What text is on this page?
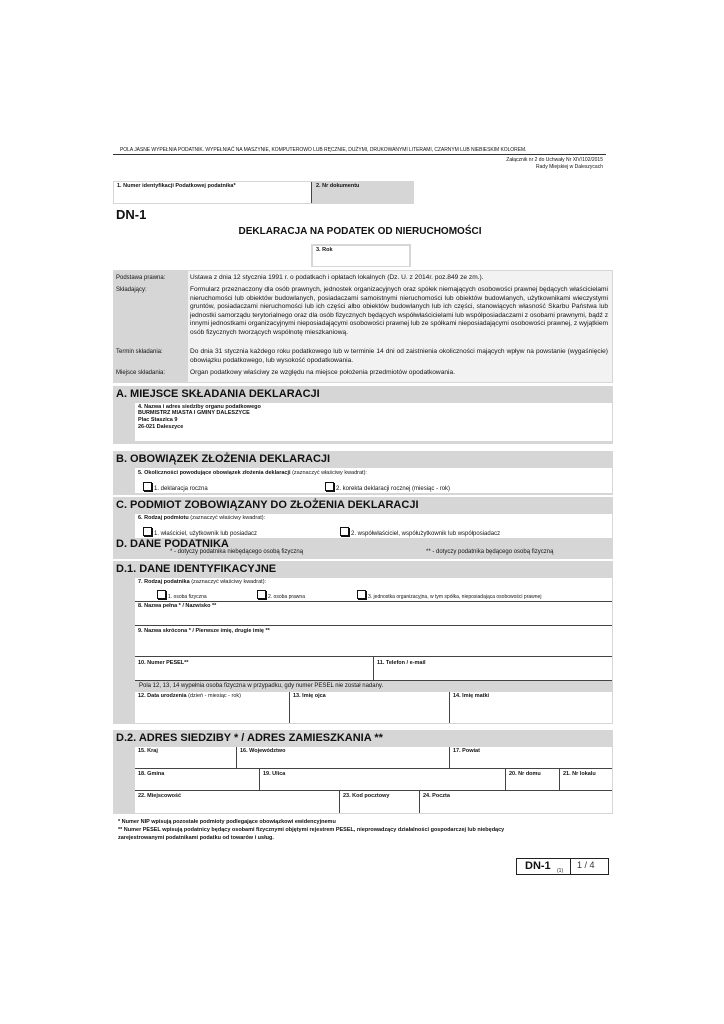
POLA JASNE WYPEŁNIA PODATNIK. WYPEŁNIAĆ NA MASZYNIE, KOMPUTEROWO LUB RĘCZNIE, DUŻYMI, DRUKOWANYMI LITERAMI, CZARNYM LUB NIEBIESKIM KOLOREM.
Załącznik nr 2 do Uchwały Nr XIV/102/2015
Rady Miejskiej w Daleszycach
1. Numer identyfikacji Podatkowej podatnika*	2. Nr dokumentu
DN-1
DEKLARACJA NA PODATEK OD NIERUCHOMOŚCI
3. Rok
Podstawa prawna:	Ustawa z dnia 12 stycznia 1991 r. o podatkach i opłatach lokalnych (Dz. U. z 2014r. poz.849 ze zm.).
Składający:	Formularz przeznaczony dla osób prawnych, jednostek organizacyjnych oraz spółek niemających osobowości prawnej będących właścicielami nieruchomości lub obiektów budowlanych, posiadaczami samoistnymi nieruchomości lub obiektów budowlanych, użytkownikami wieczystymi gruntów, posiadaczami nieruchomości lub ich części albo obiektów budowlanych lub ich części, stanowiących własność Skarbu Państwa lub jednostki samorządu terytorialnego oraz dla osób fizycznych będących współwłaścicielami lub współposiadaczami z osobami prawnymi, bądź z innymi jednostkami organizacyjnymi nieposiadającymi osobowości prawnej lub ze spółkami nieposiadającymi osobowości prawnej, z wyjątkiem osób fizycznych tworzących wspólnotę mieszkaniową.
Termin składania:	Do dnia 31 stycznia każdego roku podatkowego lub w terminie 14 dni od zaistnienia okoliczności mających wpływ na powstanie (wygaśnięcie) obowiązku podatkowego, lub wysokość opodatkowania.
Miejsce składania:	Organ podatkowy właściwy ze względu na miejsce położenia przedmiotów opodatkowania.
A. MIEJSCE SKŁADANIA DEKLARACJI
4. Nazwa i adres siedziby organu podatkowego
BURMISTRZ MIASTA I GMINY DALESZYCE
Plac Staszica 9
26-021 Daleszyce
B. OBOWIĄZEK ZŁOŻENIA DEKLARACJI
5. Okoliczności powodujące obowiązek złożenia deklaracji (zaznaczyć właściwy kwadrat):
1. deklaracja roczna	2. korekta deklaracji rocznej (miesiąc - rok)
C. PODMIOT ZOBOWIĄZANY DO ZŁOŻENIA DEKLARACJI
6. Rodzaj podmiotu (zaznaczyć właściwy kwadrat):
1. właściciel, użytkownik lub posiadacz	2. współwłaściciel, współużytkownik lub współposiadacz
D. DANE PODATNIKA
* - dotyczy podatnika niebędącego osobą fizyczną	** - dotyczy podatnika będącego osobą fizyczną
D.1. DANE IDENTYFIKACYJNE
7. Rodzaj podatnika (zaznaczyć właściwy kwadrat):
1. osoba fizyczna	2. osoba prawna	3. jednostka organizacyjna, w tym spółka, nieposiadająca osobowości prawnej
8. Nazwa pełna * / Nazwisko **
9. Nazwa skrócona * / Pierwsze imię, drugie imię **
10. Numer PESEL**	11. Telefon / e-mail
Pola 12, 13, 14 wypełnia osoba fizyczna w przypadku, gdy numer PESEL nie został nadany.
12. Data urodzenia (dzień - miesiąc - rok)	13. Imię ojca	14. Imię matki
D.2. ADRES SIEDZIBY * / ADRES ZAMIESZKANIA **
15. Kraj	16. Województwo	17. Powiat
18. Gmina	19. Ulica	20. Nr domu	21. Nr lokalu
22. Miejscowość	23. Kod pocztowy	24. Poczta
* Numer NIP wpisują pozostałe podmioty podlegające obowiązkowi ewidencyjnemu
** Numer PESEL wpisują podatnicy będący osobami fizycznymi objętymi rejestrem PESEL, nieprowadzący działalności gospodarczej lub niebędący
zarejestrowanymi podatnikami podatku od towarów i usług.
DN-1 (1)
1 / 4
